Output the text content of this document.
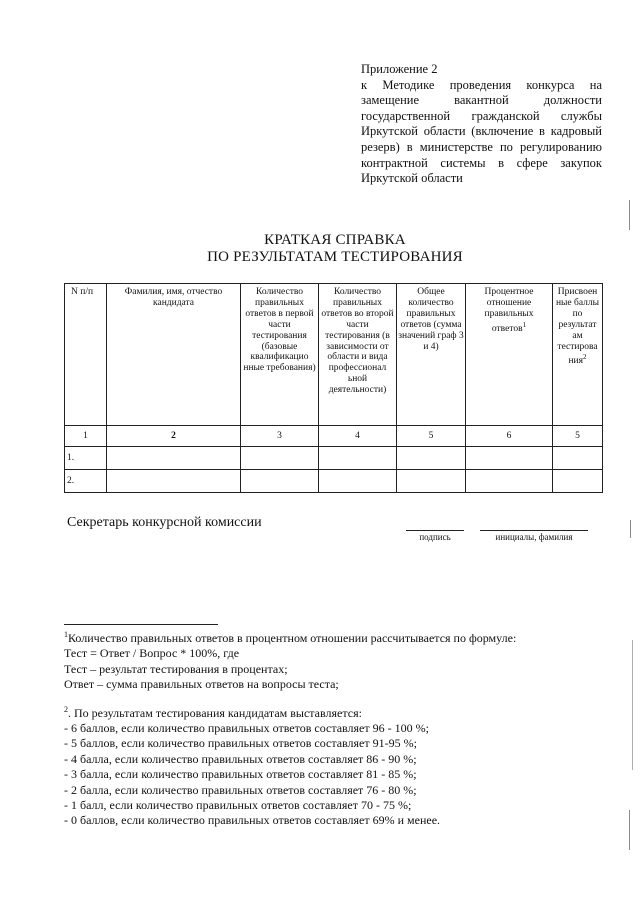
Приложение 2
к Методике проведения конкурса на
замещение вакантной должности
государственной гражданской службы
Иркутской области (включение в кадровый
резерв) в министерстве по регулированию
контрактной системы в сфере закупок
Иркутской области
КРАТКАЯ СПРАВКА
ПО РЕЗУЛЬТАТАМ ТЕСТИРОВАНИЯ
N п/п	Фамилия, имя, отчество кандидата	Количество правильных ответов в первой части тестирования (базовые квалификацио нные требования)	Количество правильных ответов во второй части тестирования (в зависимости от области и вида профессионал ьной деятельности)	Общее количество правильных ответов (сумма значений граф 3 и 4)	Процентное отношение правильных ответов$^1$	Присвоен ные баллы по результат ам тестирова ния$^2$
1	2	3	4	5	6	5
1.						
2.						
Секретарь конкурсной комиссии
подпись	инициалы, фамилия

$^1$Количество правильных ответов в процентном отношении рассчитывается по формуле:

Тест = Ответ / Вопрос * 100%, где

Тест – результат тестирования в процентах;

Ответ – сумма правильных ответов на вопросы теста;

$^2$. По результатам тестирования кандидатам выставляется:

- 6 баллов, если количество правильных ответов составляет 96 - 100 %;

- 5 баллов, если количество правильных ответов составляет 91-95 %;

- 4 балла, если количество правильных ответов составляет 86 - 90 %;

- 3 балла, если количество правильных ответов составляет 81 - 85 %;

- 2 балла, если количество правильных ответов составляет 76 - 80 %;

- 1 балл, если количество правильных ответов составляет 70 - 75 %;

- 0 баллов, если количество правильных ответов составляет 69% и менее.
